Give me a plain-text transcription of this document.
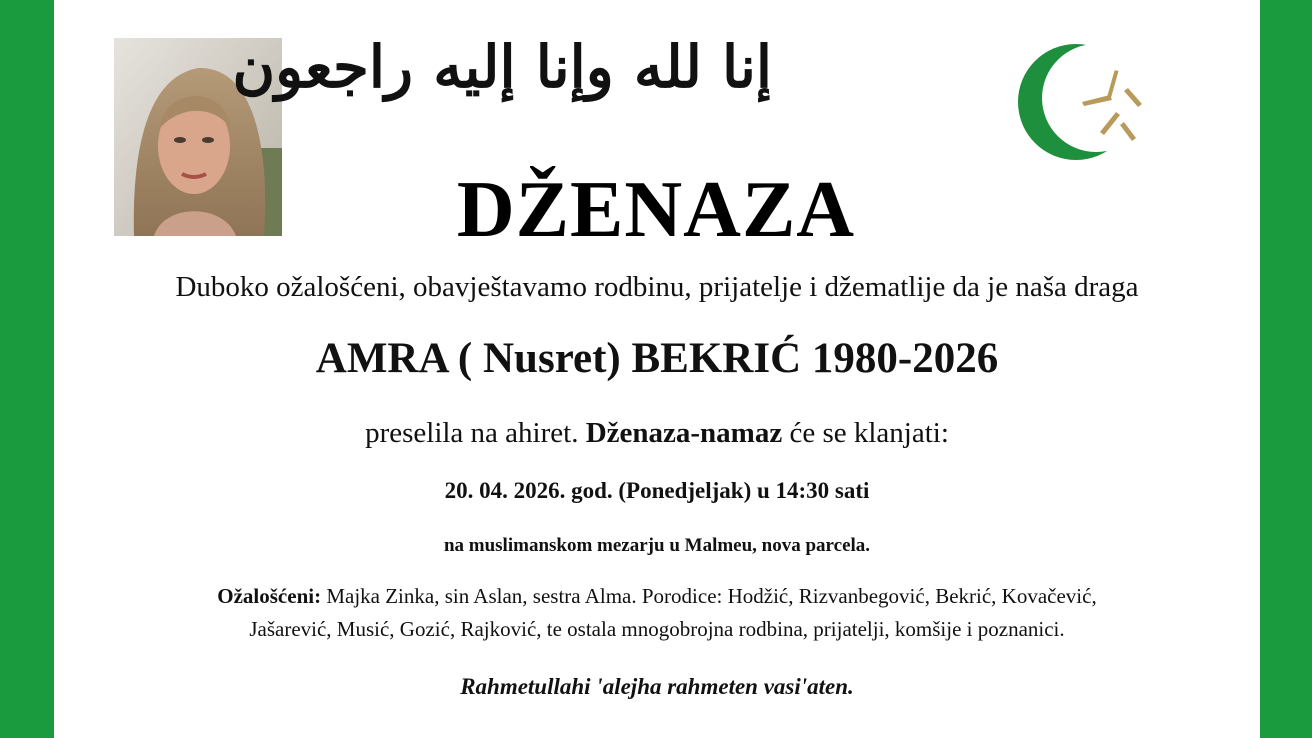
إنا لله وإنا إليه راجعون
DŽENAZA
Duboko ožalošćeni, obavještavamo rodbinu, prijatelje i džematlije da je naša draga
AMRA ( Nusret) BEKRIĆ 1980-2026
preselila na ahiret. Dženaza-namaz će se klanjati:
20. 04. 2026. god. (Ponedjeljak) u 14:30 sati
na muslimanskom mezarju u Malmeu, nova parcela.
Ožalošćeni: Majka Zinka, sin Aslan, sestra Alma. Porodice: Hodžić, Rizvanbegović, Bekrić, Kovačević,
Jašarević, Musić, Gozić, Rajković, te ostala mnogobrojna rodbina, prijatelji, komšije i poznanici.
Rahmetullahi 'alejha rahmeten vasi'aten.
